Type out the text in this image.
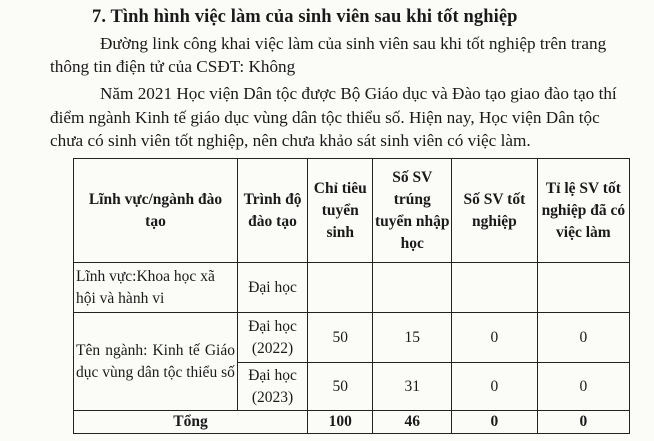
7. Tình hình việc làm của sinh viên sau khi tốt nghiệp
Đường link công khai việc làm của sinh viên sau khi tốt nghiệp trên trang
thông tin điện tử của CSĐT: Không
Năm 2021 Học viện Dân tộc được Bộ Giáo dục và Đào tạo giao đào tạo thí
điểm ngành Kinh tế giáo dục vùng dân tộc thiểu số. Hiện nay, Học viện Dân tộc
chưa có sinh viên tốt nghiệp, nên chưa khảo sát sinh viên có việc làm.
Lĩnh vực/ngành đào tạo	Trình độ đào tạo	Chỉ tiêu tuyển sinh	Số SV trúng tuyển nhập học	Số SV tốt nghiệp	Tỉ lệ SV tốt nghiệp đã có việc làm
Lĩnh vực:Khoa học xã hội và hành vi	Đại học				
Tên ngành: Kinh tế Giáo dục vùng dân tộc thiểu số	Đại học (2022)	50	15	0	0
	Đại học (2023)	50	31	0	0
Tổng		100	46	0	0
